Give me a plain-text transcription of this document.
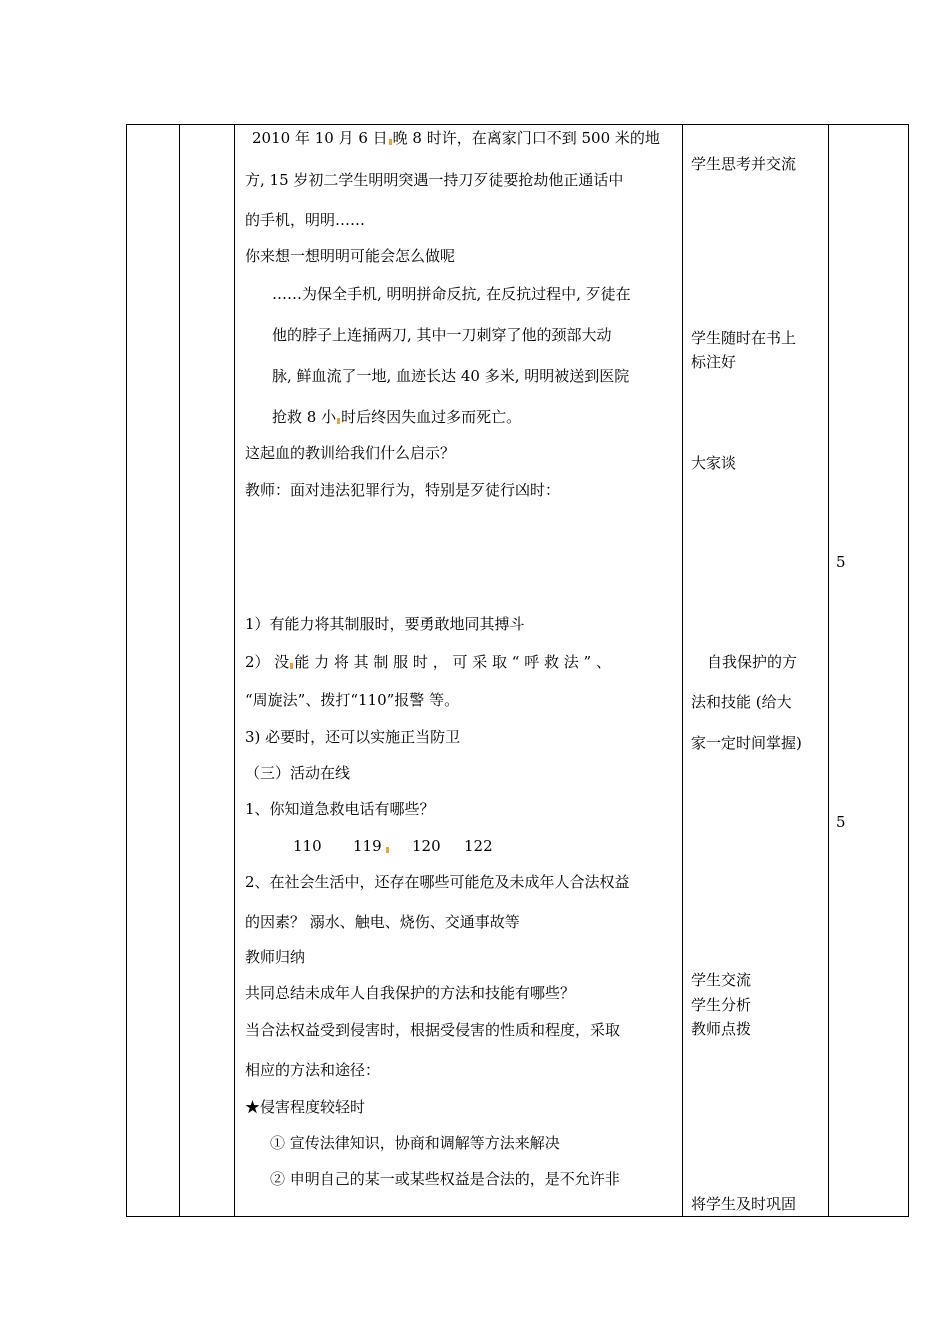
2010 年 10 月 6 日 晚 8 时许，在离家门口不到 500 米的地
方, 15 岁初二学生明明突遇一持刀歹徒要抢劫他正通话中
的手机，明明……
你来想一想明明可能会怎么做呢
……为保全手机, 明明拼命反抗, 在反抗过程中, 歹徒在
他的脖子上连捅两刀, 其中一刀刺穿了他的颈部大动
脉, 鲜血流了一地, 血迹长达 40 多米, 明明被送到医院
抢救 8 小 时后终因失血过多而死亡。
这起血的教训给我们什么启示？
教师：面对违法犯罪行为，特别是歹徒行凶时：
1）有能力将其制服时，要勇敢地同其搏斗
2） 没 能 力 将 其 制 服 时 ， 可 采 取 “ 呼 救 法 ” 、
“周旋法”、拨打“110”报警 等。
3) 必要时，还可以实施正当防卫
（三）活动在线
1、你知道急救电话有哪些？
110 119 120 122
2、在社会生活中，还存在哪些可能危及未成年人合法权益
的因素？ 溺水、触电、烧伤、交通事故等
教师归纳
共同总结未成年人自我保护的方法和技能有哪些？
当合法权益受到侵害时，根据受侵害的性质和程度，采取
相应的方法和途径：
★侵害程度较轻时
① 宣传法律知识，协商和调解等方法来解决
② 申明自己的某一或某些权益是合法的，是不允许非
学生思考并交流
学生随时在书上
标注好
大家谈
自我保护的方
法和技能 (给大
家一定时间掌握)
学生交流
学生分析
教师点拨
将学生及时巩固
5
5
